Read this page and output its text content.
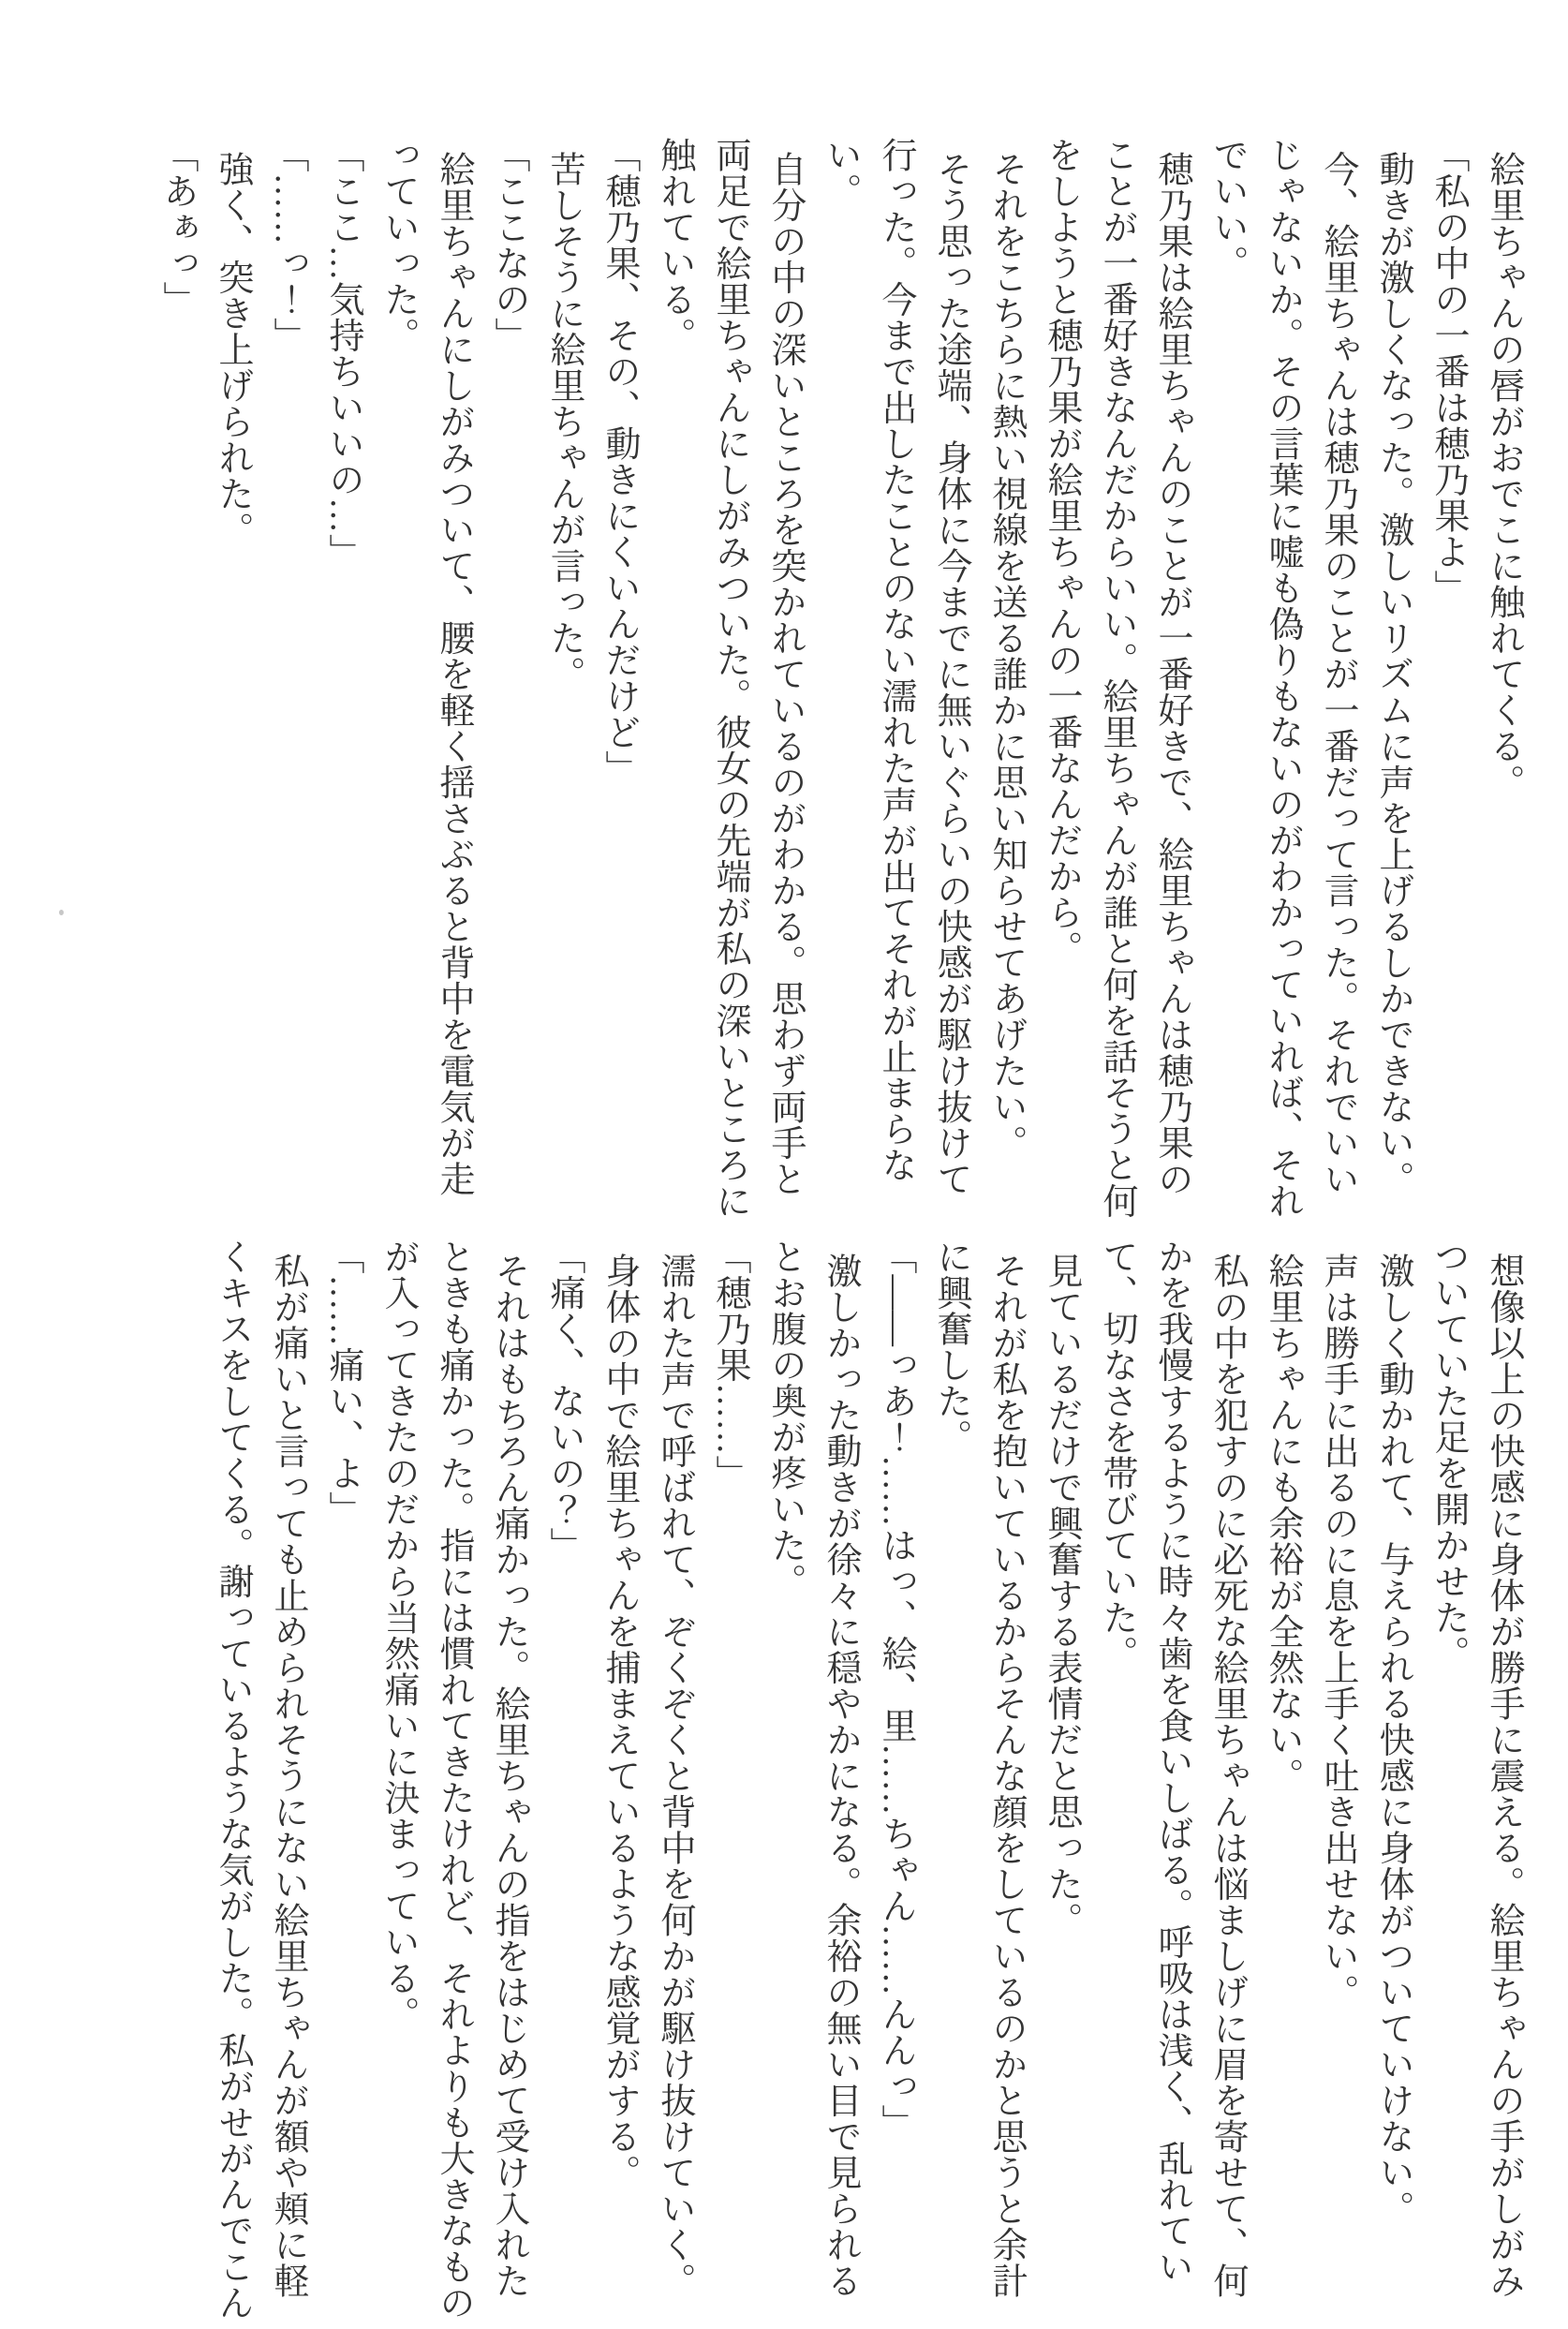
絵里ちゃんの唇がおでこに触れてくる。

「私の中の一番は穂乃果よ」

動きが激しくなった。激しいリズムに声を上げるしかできない。

今、絵里ちゃんは穂乃果のことが一番だって言った。それでいいじゃないか。その言葉に嘘も偽りもないのがわかっていれば、それでいい。

穂乃果は絵里ちゃんのことが一番好きで、絵里ちゃんは穂乃果のことが一番好きなんだからいい。絵里ちゃんが誰と何を話そうと何をしようと穂乃果が絵里ちゃんの一番なんだから。

それをこちらに熱い視線を送る誰かに思い知らせてあげたい。

そう思った途端、身体に今までに無いぐらいの快感が駆け抜けて行った。今まで出したことのない濡れた声が出てそれが止まらない。

自分の中の深いところを突かれているのがわかる。思わず両手と両足で絵里ちゃんにしがみついた。彼女の先端が私の深いところに触れている。

「穂乃果、その、動きにくいんだけど」

苦しそうに絵里ちゃんが言った。

「ここなの」

絵里ちゃんにしがみついて、腰を軽く揺さぶると背中を電気が走っていった。

「ここ…気持ちいいの…」

「……っ！」

強く、突き上げられた。

「あぁっ」

想像以上の快感に身体が勝手に震える。絵里ちゃんの手がしがみついていた足を開かせた。

激しく動かれて、与えられる快感に身体がついていけない。

声は勝手に出るのに息を上手く吐き出せない。

絵里ちゃんにも余裕が全然ない。

私の中を犯すのに必死な絵里ちゃんは悩ましげに眉を寄せて、何かを我慢するように時々歯を食いしばる。呼吸は浅く、乱れていて、切なさを帯びていた。

見ているだけで興奮する表情だと思った。

それが私を抱いているからそんな顔をしているのかと思うと余計に興奮した。

「――っあ！……はっ、絵、里……ちゃん……んんっ」

激しかった動きが徐々に穏やかになる。余裕の無い目で見られるとお腹の奥が疼いた。

「穂乃果……」

濡れた声で呼ばれて、ぞくぞくと背中を何かが駆け抜けていく。

身体の中で絵里ちゃんを捕まえているような感覚がする。

「痛く、ないの？」

それはもちろん痛かった。絵里ちゃんの指をはじめて受け入れたときも痛かった。指には慣れてきたけれど、それよりも大きなものが入ってきたのだから当然痛いに決まっている。

「……痛い、よ」

私が痛いと言っても止められそうにない絵里ちゃんが額や頬に軽くキスをしてくる。謝っているような気がした。私がせがんでこん
